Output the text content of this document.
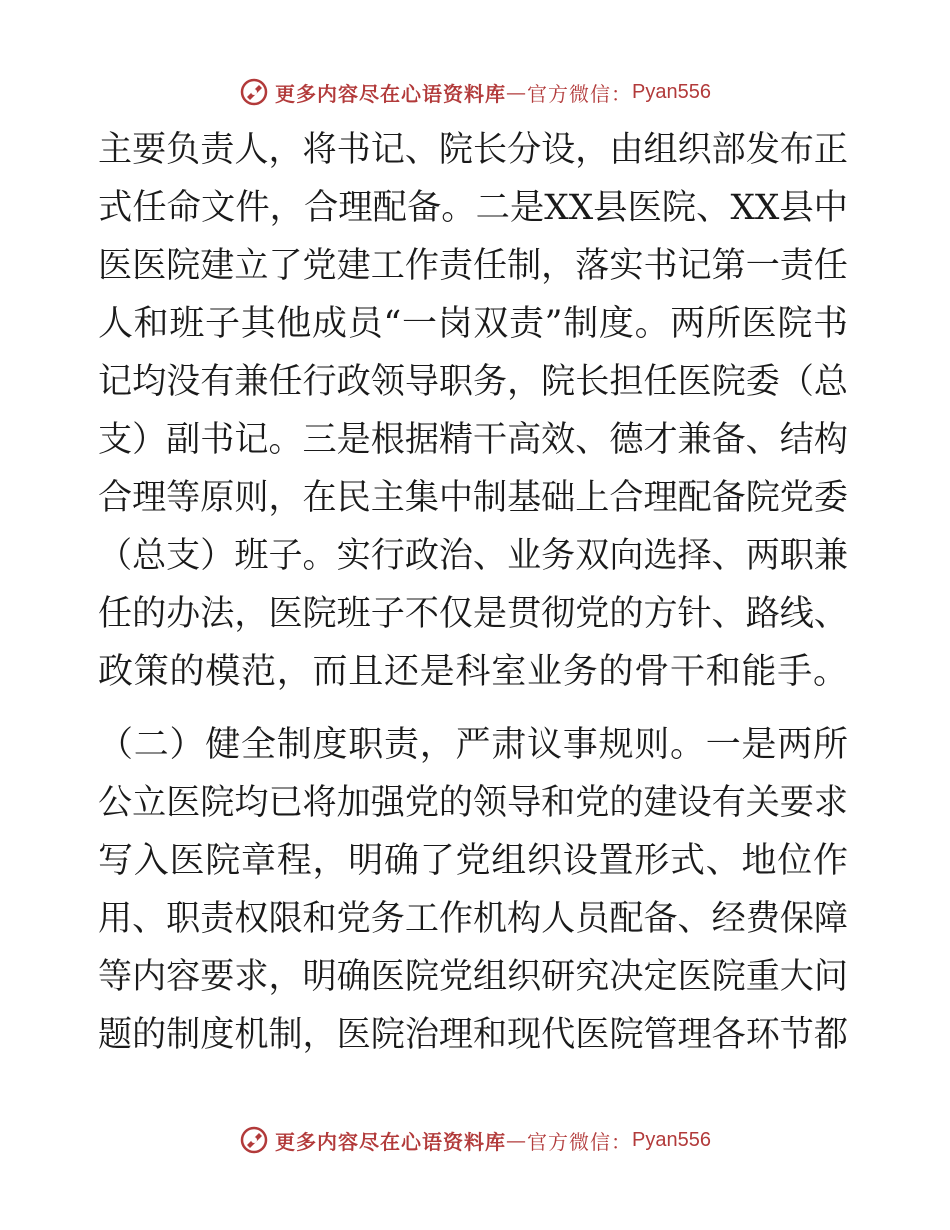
更多内容尽在心语资料库 — 官方微信： Pyan556
主要负责人，将书记、院长分设，由组织部发布正
式任命文件，合理配备。二是XX县医院、XX县中
医医院建立了党建工作责任制，落实书记第一责任
人和班子其他成员“一岗双责”制度。两所医院书
记均没有兼任行政领导职务，院长担任医院委（总
支）副书记。三是根据精干高效、德才兼备、结构
合理等原则，在民主集中制基础上合理配备院党委
（总支）班子。实行政治、业务双向选择、两职兼
任的办法，医院班子不仅是贯彻党的方针、路线、
政策的模范，而且还是科室业务的骨干和能手。
（二）健全制度职责，严肃议事规则。一是两所
公立医院均已将加强党的领导和党的建设有关要求
写入医院章程，明确了党组织设置形式、地位作
用、职责权限和党务工作机构人员配备、经费保障
等内容要求，明确医院党组织研究决定医院重大问
题的制度机制，医院治理和现代医院管理各环节都
更多内容尽在心语资料库 — 官方微信： Pyan556
